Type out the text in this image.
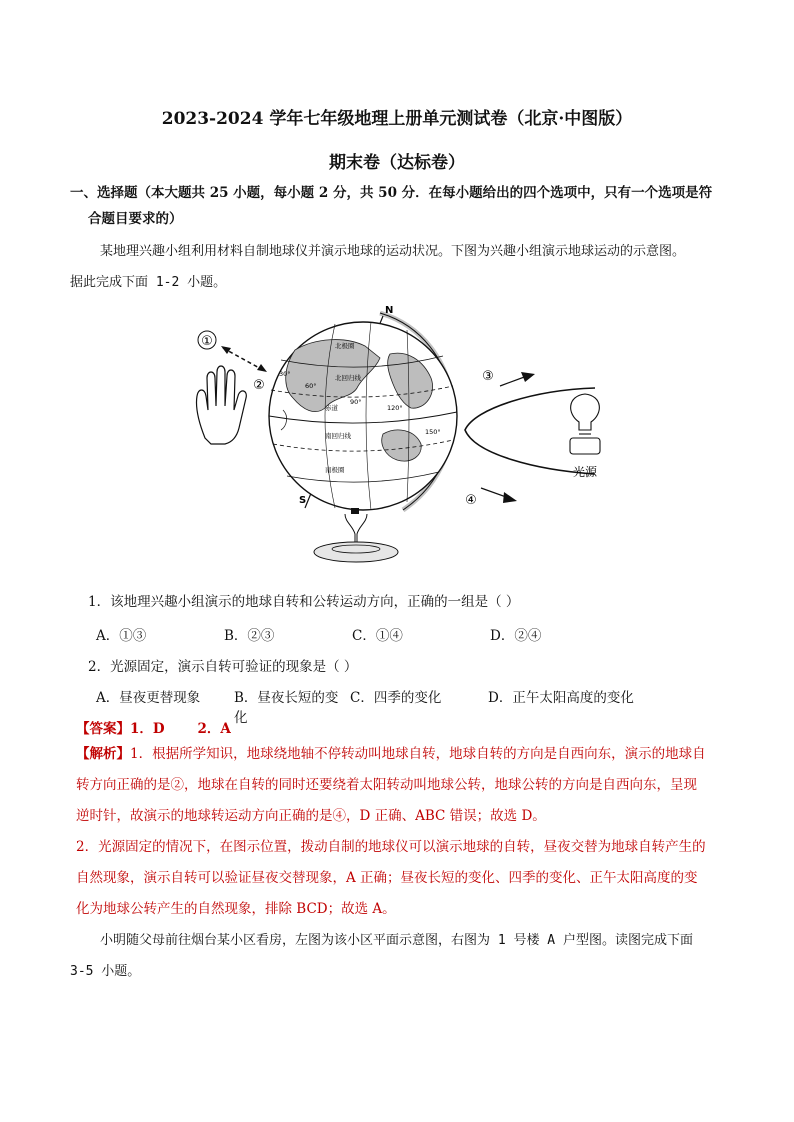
2023-2024 学年七年级地理上册单元测试卷（北京·中图版）
期末卷（达标卷）
一、选择题（本大题共 25 小题，每小题 2 分，共 50 分．在每小题给出的四个选项中，只有一个选项是符
合题目要求的）
某地理兴趣小组利用材料自制地球仪并演示地球的运动状况。下图为兴趣小组演示地球运动的示意图。
据此完成下面 1-2 小题。
①
②
N
S
北极圈
北回归线
赤道
南回归线
南极圈
30°
60°
90°
120°
150°
③
④
光源
1．该地理兴趣小组演示的地球自转和公转运动方向，正确的一组是（ ）
A．①③	B．②③	C．①④	D．②④
2．光源固定，演示自转可验证的现象是（ ）
A．昼夜更替现象	B．昼夜长短的变化
C．四季的变化	D．正午太阳高度的变化
【答案】1．D       2．A
【解析】1．根据所学知识，地球绕地轴不停转动叫地球自转，地球自转的方向是自西向东，演示的地球自
转方向正确的是②，地球在自转的同时还要绕着太阳转动叫地球公转，地球公转的方向是自西向东，呈现
逆时针，故演示的地球转运动方向正确的是④，D 正确、ABC 错误；故选 D。
2．光源固定的情况下，在图示位置，拨动自制的地球仪可以演示地球的自转，昼夜交替为地球自转产生的
自然现象，演示自转可以验证昼夜交替现象，A 正确；昼夜长短的变化、四季的变化、正午太阳高度的变
化为地球公转产生的自然现象，排除 BCD；故选 A。
小明随父母前往烟台某小区看房，左图为该小区平面示意图，右图为 1 号楼 A 户型图。读图完成下面
3-5 小题。
